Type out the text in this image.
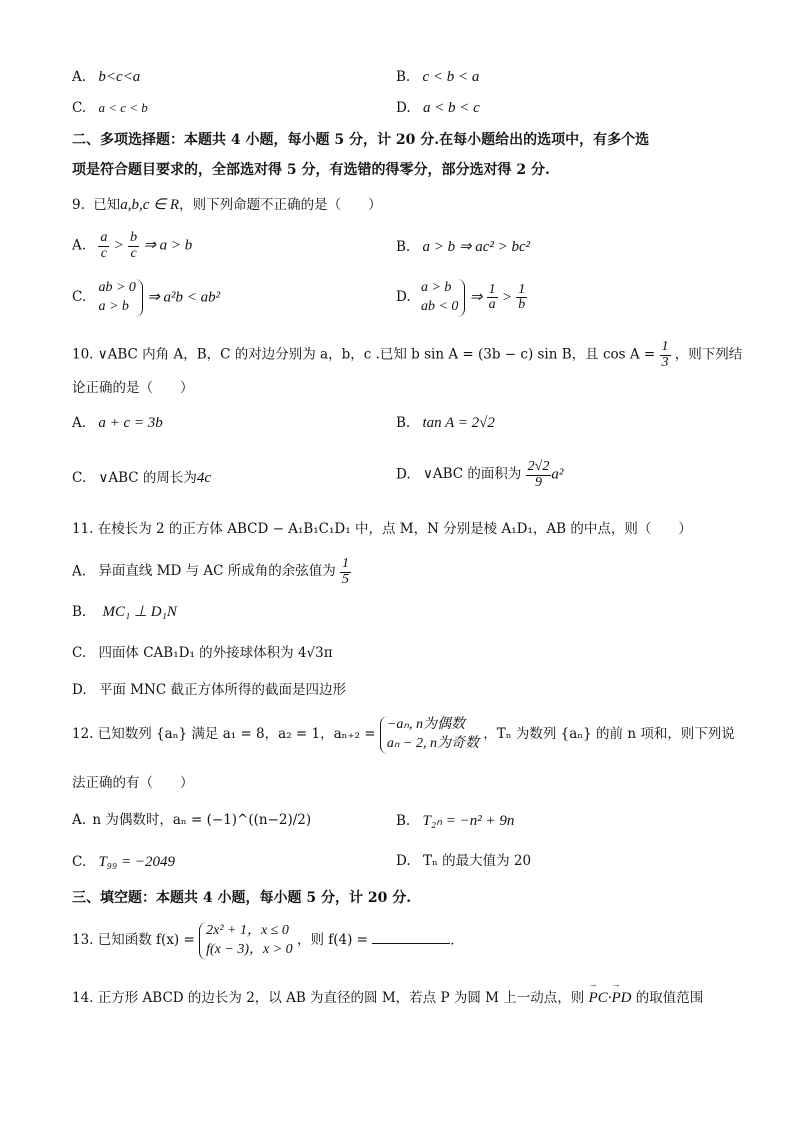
A. b<c<a	B. c < b < a
C. a < c < b	D. a < b < c
二、多项选择题：本题共 4 小题，每小题 5 分，计 20 分.在每小题给出的选项中，有多个选
项是符合题目要求的，全部选对得 5 分，有选错的得零分，部分选对得 2 分.
9. 已知a,b,c ∈ R，则下列命题不正确的是（　　）
A. $\frac{a}{c} > \frac{b}{c}$ ⇒ a > b	B. a > b ⇒ ac² > bc²
C.
ab > 0
a > b
⇒ a²b < ab²	D.
a > b
ab < 0
⇒ $\frac{1}{a} > \frac{1}{b}$
10. ∨ABC 内角 A，B，C 的对边分别为 a，b，c .已知 b sin A = (3b − c) sin B，且 $\cos A = \frac{1}{3}$ ，则下列结
论正确的是（　　）
A. a + c = 3b	B. tan A = 2√2
C. ∨ABC 的周长为4c	D. ∨ABC 的面积为 $\frac{2√2}{9} a^2$
11. 在棱长为 2 的正方体 ABCD − A₁B₁C₁D₁ 中，点 M，N 分别是棱 A₁D₁，AB 的中点，则（　　）
A. 异面直线 MD 与 AC 所成角的余弦值为 $\frac{1}{5}$
B. MC₁ ⊥ D₁N
C. 四面体 CAB₁D₁ 的外接球体积为 4√3π
D. 平面 MNC 截正方体所得的截面是四边形
12. 已知数列 {aₙ} 满足 a₁ = 8，a₂ = 1，aₙ₊₂ =
−aₙ, n为偶数
aₙ − 2, n为奇数
，Tₙ 为数列 {aₙ} 的前 n 项和，则下列说
法正确的有（　　）
A. n 为偶数时，aₙ = (−1)^((n−2)/2)	B. T₂ₙ = −n² + 9n
C. T₉₉ = −2049	D. Tₙ 的最大值为 20
三、填空题：本题共 4 小题，每小题 5 分，计 20 分.
13. 已知函数 f(x) =
2x² + 1，x ≤ 0
f(x − 3)，x > 0
，则 f(4) =	.
14. 正方形 ABCD 的边长为 2，以 AB 为直径的圆 M，若点 P 为圆 M 上一动点，则 → PC·→ PD 的取值范围
